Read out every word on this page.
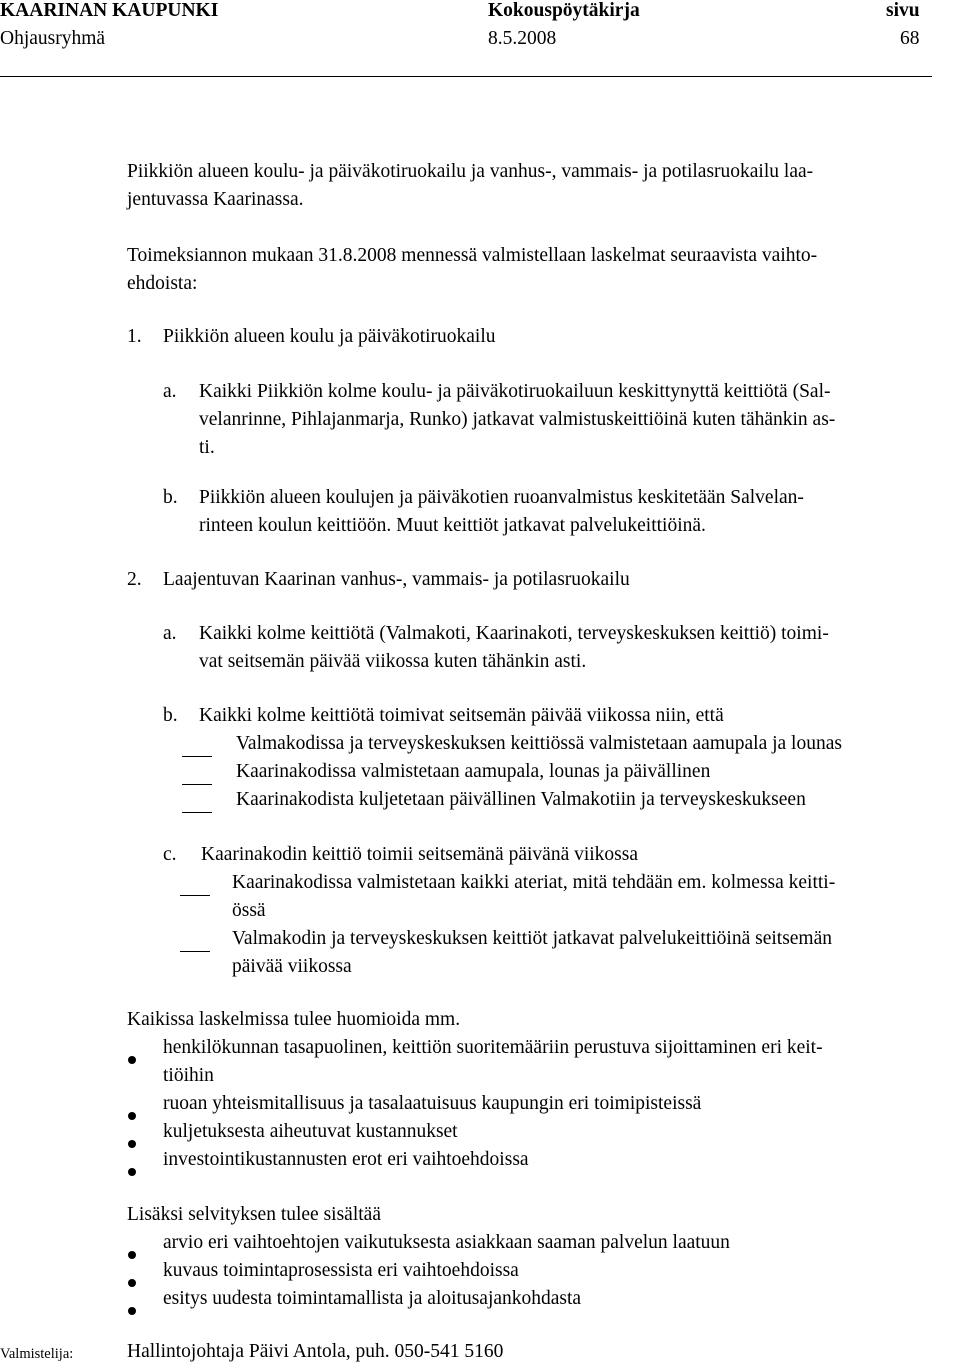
KAARINAN KAUPUNKI
Ohjausryhmä
Kokouspöytäkirja
8.5.2008
sivu
68
Piikkiön alueen koulu- ja päiväkotiruokailu ja vanhus-, vammais- ja potilasruokailu laa-
jentuvassa Kaarinassa.
Toimeksiannon mukaan 31.8.2008 mennessä valmistellaan laskelmat seuraavista vaihto-
ehdoista:
1. Piikkiön alueen koulu ja päiväkotiruokailu
a. Kaikki Piikkiön kolme koulu- ja päiväkotiruokailuun keskittynyttä keittiötä (Sal-
velanrinne, Pihlajanmarja, Runko) jatkavat valmistuskeittiöinä kuten tähänkin as-
ti.
b. Piikkiön alueen koulujen ja päiväkotien ruoanvalmistus keskitetään Salvelan-
rinteen koulun keittiöön. Muut keittiöt jatkavat palvelukeittiöinä.
2. Laajentuvan Kaarinan vanhus-, vammais- ja potilasruokailu
a. Kaikki kolme keittiötä (Valmakoti, Kaarinakoti, terveyskeskuksen keittiö) toimi-
vat seitsemän päivää viikossa kuten tähänkin asti.
b. Kaikki kolme keittiötä toimivat seitsemän päivää viikossa niin, että
Valmakodissa ja terveyskeskuksen keittiössä valmistetaan aamupala ja lounas
Kaarinakodissa valmistetaan aamupala, lounas ja päivällinen
Kaarinakodista kuljetetaan päivällinen Valmakotiin ja terveyskeskukseen
c. Kaarinakodin keittiö toimii seitsemänä päivänä viikossa
Kaarinakodissa valmistetaan kaikki ateriat, mitä tehdään em. kolmessa keitti-
össä
Valmakodin ja terveyskeskuksen keittiöt jatkavat palvelukeittiöinä seitsemän
päivää viikossa
Kaikissa laskelmissa tulee huomioida mm.
henkilökunnan tasapuolinen, keittiön suoritemääriin perustuva sijoittaminen eri keit-
tiöihin
ruoan yhteismitallisuus ja tasalaatuisuus kaupungin eri toimipisteissä
kuljetuksesta aiheutuvat kustannukset
investointikustannusten erot eri vaihtoehdoissa
Lisäksi selvityksen tulee sisältää
arvio eri vaihtoehtojen vaikutuksesta asiakkaan saaman palvelun laatuun
kuvaus toimintaprosessista eri vaihtoehdoissa
esitys uudesta toimintamallista ja aloitusajankohdasta
Valmistelija:	Hallintojohtaja Päivi Antola, puh. 050-541 5160
